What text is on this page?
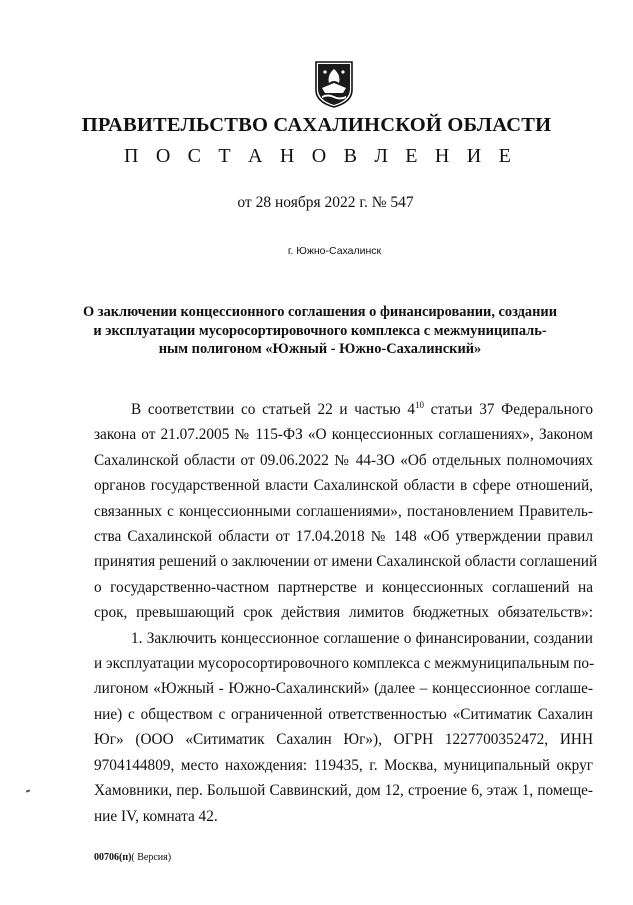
ПРАВИТЕЛЬСТВО САХАЛИНСКОЙ ОБЛАСТИ
П О С Т А Н О В Л Е Н И Е
от 28 ноября 2022 г. № 547
г. Южно-Сахалинск
О заключении концессионного соглашения о финансировании, создании
и эксплуатации мусоросортировочного комплекса с межмуниципаль-
ным полигоном «Южный - Южно-Сахалинский»
В соответствии со статьей 22 и частью $4^{10}$ статьи 37 Федерального
закона от 21.07.2005 № 115-ФЗ «О концессионных соглашениях», Законом
Сахалинской области от 09.06.2022 № 44-ЗО «Об отдельных полномочиях
органов государственной власти Сахалинской области в сфере отношений,
связанных с концессионными соглашениями», постановлением Правитель-
ства Сахалинской области от 17.04.2018 № 148 «Об утверждении правил
принятия решений о заключении от имени Сахалинской области соглашений
о государственно-частном партнерстве и концессионных соглашений на
срок, превышающий срок действия лимитов бюджетных обязательств»:
1. Заключить концессионное соглашение о финансировании, создании
и эксплуатации мусоросортировочного комплекса с межмуниципальным по-
лигоном «Южный - Южно-Сахалинский» (далее – концессионное соглаше-
ние) с обществом с ограниченной ответственностью «Ситиматик Сахалин
Юг» (ООО «Ситиматик Сахалин Юг»), ОГРН 1227700352472, ИНН
9704144809, место нахождения: 119435, г. Москва, муниципальный округ
Хамовники, пер. Большой Саввинский, дом 12, строение 6, этаж 1, помеще-
ние IV, комната 42.
00706(п)( Версия)
